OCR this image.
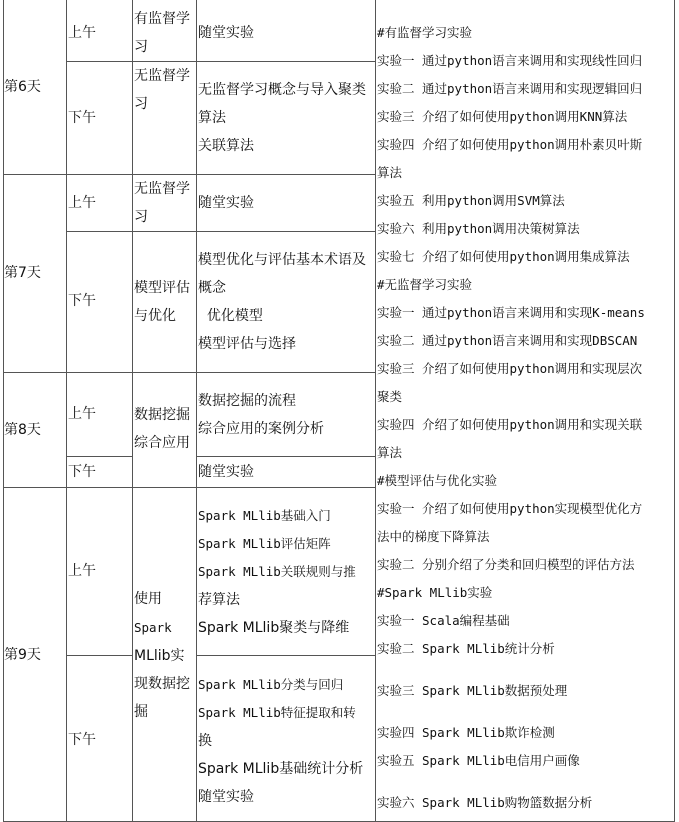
第6天
第7天
第8天
第9天
上午
下午
上午
下午
上午
下午
上午
下午
有监督学
习
无监督学
习
无监督学
习
模型评估
与优化
数据挖掘
综合应用
使用
Spark
MLlib实
现数据挖
掘
随堂实验
无监督学习概念与导入聚类
算法
关联算法
随堂实验
模型优化与评估基本术语及
概念
优化模型
模型评估与选择
数据挖掘的流程
综合应用的案例分析
随堂实验
Spark MLlib基础入门
Spark MLlib评估矩阵
Spark MLlib关联规则与推
荐算法
Spark MLlib聚类与降维
Spark MLlib分类与回归
Spark MLlib特征提取和转
换
Spark MLlib基础统计分析
随堂实验
#有监督学习实验
实验一 通过python语言来调用和实现线性回归
实验二 通过python语言来调用和实现逻辑回归
实验三 介绍了如何使用python调用KNN算法
实验四 介绍了如何使用python调用朴素贝叶斯
算法
实验五 利用python调用SVM算法
实验六 利用python调用决策树算法
实验七 介绍了如何使用python调用集成算法
#无监督学习实验
实验一 通过python语言来调用和实现K-means
实验二 通过python语言来调用和实现DBSCAN
实验三 介绍了如何使用python调用和实现层次
聚类
实验四 介绍了如何使用python调用和实现关联
算法
#模型评估与优化实验
实验一 介绍了如何使用python实现模型优化方
法中的梯度下降算法
实验二 分别介绍了分类和回归模型的评估方法
#Spark MLlib实验
实验一 Scala编程基础
实验二 Spark MLlib统计分析
实验三 Spark MLlib数据预处理
实验四 Spark MLlib欺诈检测
实验五 Spark MLlib电信用户画像
实验六 Spark MLlib购物篮数据分析
